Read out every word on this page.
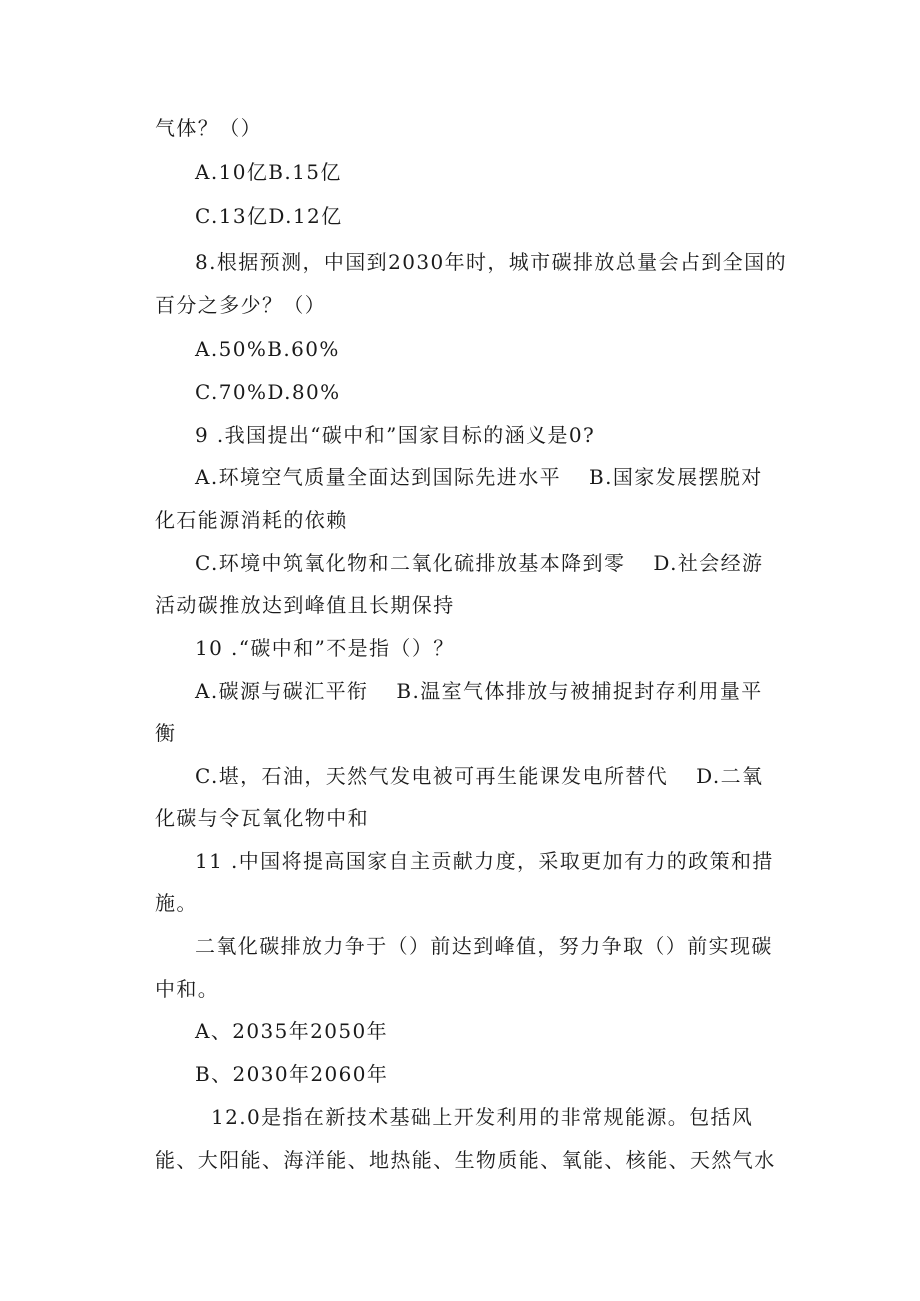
气体？（）
A.10亿B.15亿
C.13亿D.12亿
8.根据预测，中国到2030年时，城市碳排放总量会占到全国的
百分之多少？（）
A.50%B.60%
C.70%D.80%
9 .我国提出“碳中和”国家目标的涵义是0?
A.环境空气质量全面达到国际先进水平 B.国家发展摆脱对
化石能源消耗的依赖
C.环境中筑氧化物和二氧化硫排放基本降到零 D.社会经游
活动碳推放达到峰值且长期保持
10 .“碳中和”不是指（）？
A.碳源与碳汇平衔 B.温室气体排放与被捕捉封存利用量平
衡
C.堪，石油，天然气发电被可再生能课发电所替代 D.二氧
化碳与令瓦氧化物中和
11 .中国将提高国家自主贡献力度，采取更加有力的政策和措
施。
二氧化碳排放力争于（）前达到峰值，努力争取（）前实现碳
中和。
A、2035年2050年
B、2030年2060年
12.0是指在新技术基础上开发利用的非常规能源。包括风
能、大阳能、海洋能、地热能、生物质能、氧能、核能、天然气水
